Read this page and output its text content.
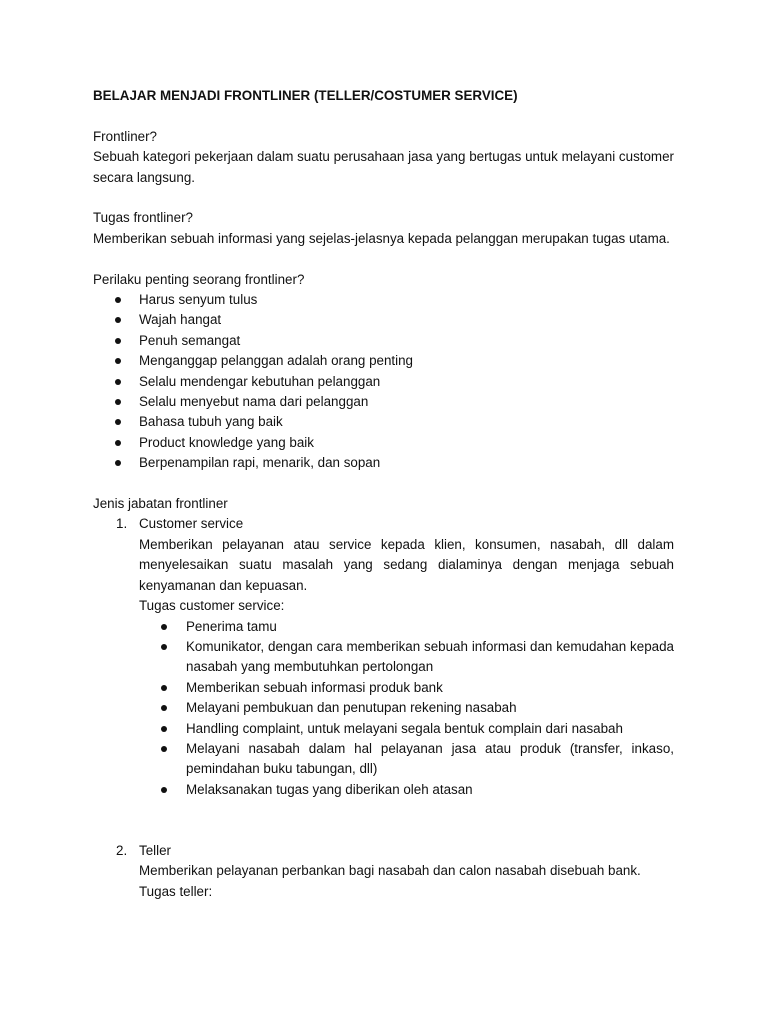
BELAJAR MENJADI FRONTLINER (TELLER/COSTUMER SERVICE)

Frontliner?

Sebuah kategori pekerjaan dalam suatu perusahaan jasa yang bertugas untuk melayani customer secara langsung.

Tugas frontliner?

Memberikan sebuah informasi yang sejelas-jelasnya kepada pelanggan merupakan tugas utama.

Perilaku penting seorang frontliner?

Harus senyum tulus
Wajah hangat
Penuh semangat
Menganggap pelanggan adalah orang penting
Selalu mendengar kebutuhan pelanggan
Selalu menyebut nama dari pelanggan
Bahasa tubuh yang baik
Product knowledge yang baik
Berpenampilan rapi, menarik, dan sopan

Jenis jabatan frontliner

1. Customer service
Memberikan pelayanan atau service kepada klien, konsumen, nasabah, dll dalam menyelesaikan suatu masalah yang sedang dialaminya dengan menjaga sebuah kenyamanan dan kepuasan.
Tugas customer service:
Penerima tamu
Komunikator, dengan cara memberikan sebuah informasi dan kemudahan kepada nasabah yang membutuhkan pertolongan
Memberikan sebuah informasi produk bank
Melayani pembukuan dan penutupan rekening nasabah
Handling complaint, untuk melayani segala bentuk complain dari nasabah
Melayani nasabah dalam hal pelayanan jasa atau produk (transfer, inkaso, pemindahan buku tabungan, dll)
Melaksanakan tugas yang diberikan oleh atasan
2. Teller
Memberikan pelayanan perbankan bagi nasabah dan calon nasabah disebuah bank.
Tugas teller:
